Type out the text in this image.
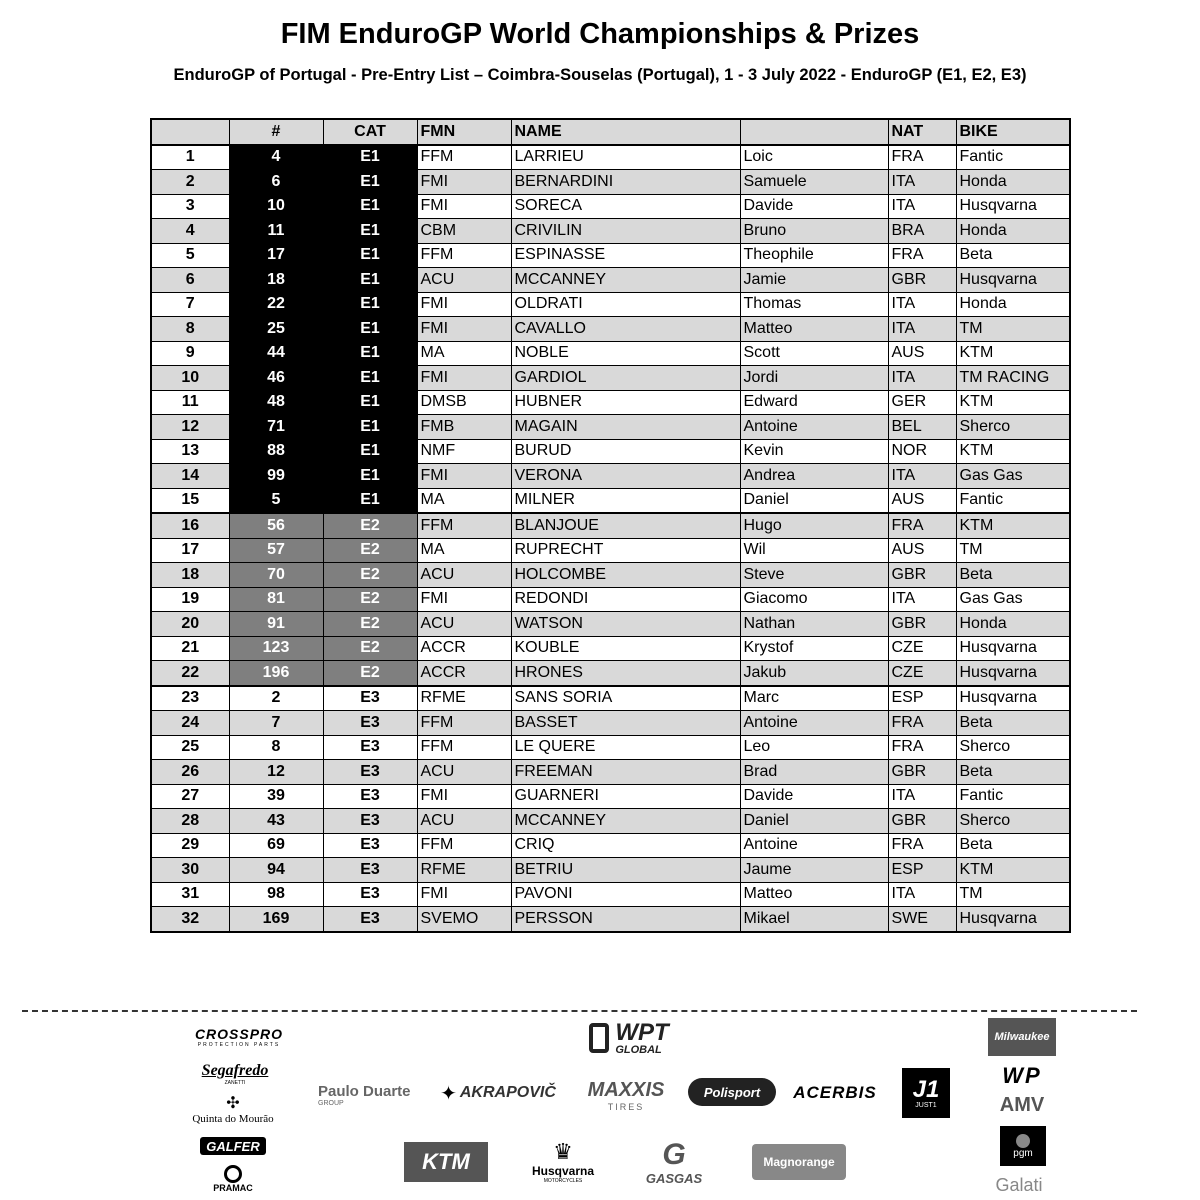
FIM EnduroGP World Championships & Prizes
EnduroGP of Portugal - Pre-Entry List – Coimbra-Souselas (Portugal), 1 - 3 July 2022 - EnduroGP (E1, E2, E3)
	#	CAT	FMN	NAME		NAT	BIKE
1	4	E1	FFM	LARRIEU	Loic	FRA	Fantic
2	6	E1	FMI	BERNARDINI	Samuele	ITA	Honda
3	10	E1	FMI	SORECA	Davide	ITA	Husqvarna
4	11	E1	CBM	CRIVILIN	Bruno	BRA	Honda
5	17	E1	FFM	ESPINASSE	Theophile	FRA	Beta
6	18	E1	ACU	MCCANNEY	Jamie	GBR	Husqvarna
7	22	E1	FMI	OLDRATI	Thomas	ITA	Honda
8	25	E1	FMI	CAVALLO	Matteo	ITA	TM
9	44	E1	MA	NOBLE	Scott	AUS	KTM
10	46	E1	FMI	GARDIOL	Jordi	ITA	TM RACING
11	48	E1	DMSB	HUBNER	Edward	GER	KTM
12	71	E1	FMB	MAGAIN	Antoine	BEL	Sherco
13	88	E1	NMF	BURUD	Kevin	NOR	KTM
14	99	E1	FMI	VERONA	Andrea	ITA	Gas Gas
15	5	E1	MA	MILNER	Daniel	AUS	Fantic
16	56	E2	FFM	BLANJOUE	Hugo	FRA	KTM
17	57	E2	MA	RUPRECHT	Wil	AUS	TM
18	70	E2	ACU	HOLCOMBE	Steve	GBR	Beta
19	81	E2	FMI	REDONDI	Giacomo	ITA	Gas Gas
20	91	E2	ACU	WATSON	Nathan	GBR	Honda
21	123	E2	ACCR	KOUBLE	Krystof	CZE	Husqvarna
22	196	E2	ACCR	HRONES	Jakub	CZE	Husqvarna
23	2	E3	RFME	SANS SORIA	Marc	ESP	Husqvarna
24	7	E3	FFM	BASSET	Antoine	FRA	Beta
25	8	E3	FFM	LE QUERE	Leo	FRA	Sherco
26	12	E3	ACU	FREEMAN	Brad	GBR	Beta
27	39	E3	FMI	GUARNERI	Davide	ITA	Fantic
28	43	E3	ACU	MCCANNEY	Daniel	GBR	Sherco
29	69	E3	FFM	CRIQ	Antoine	FRA	Beta
30	94	E3	RFME	BETRIU	Jaume	ESP	KTM
31	98	E3	FMI	PAVONI	Matteo	ITA	TM
32	169	E3	SVEMO	PERSSON	Mikael	SWE	Husqvarna
CROSSPRO
PROTECTION PARTS
Segafredo
ZANETTI
✣
Quinta do Mourão
GALFER
PRAMAC
Paulo Duarte
GROUP
WPT
GLOBAL
✦ AKRAPOVIČ MAXXIS
TIRES
Polisport ACERBIS J1
JUST1
Milwaukee
WP
AMV
pgm
Galati
KTM	♛
Husqvarna
MOTORCYCLES
G
GASGAS
Magnorange
